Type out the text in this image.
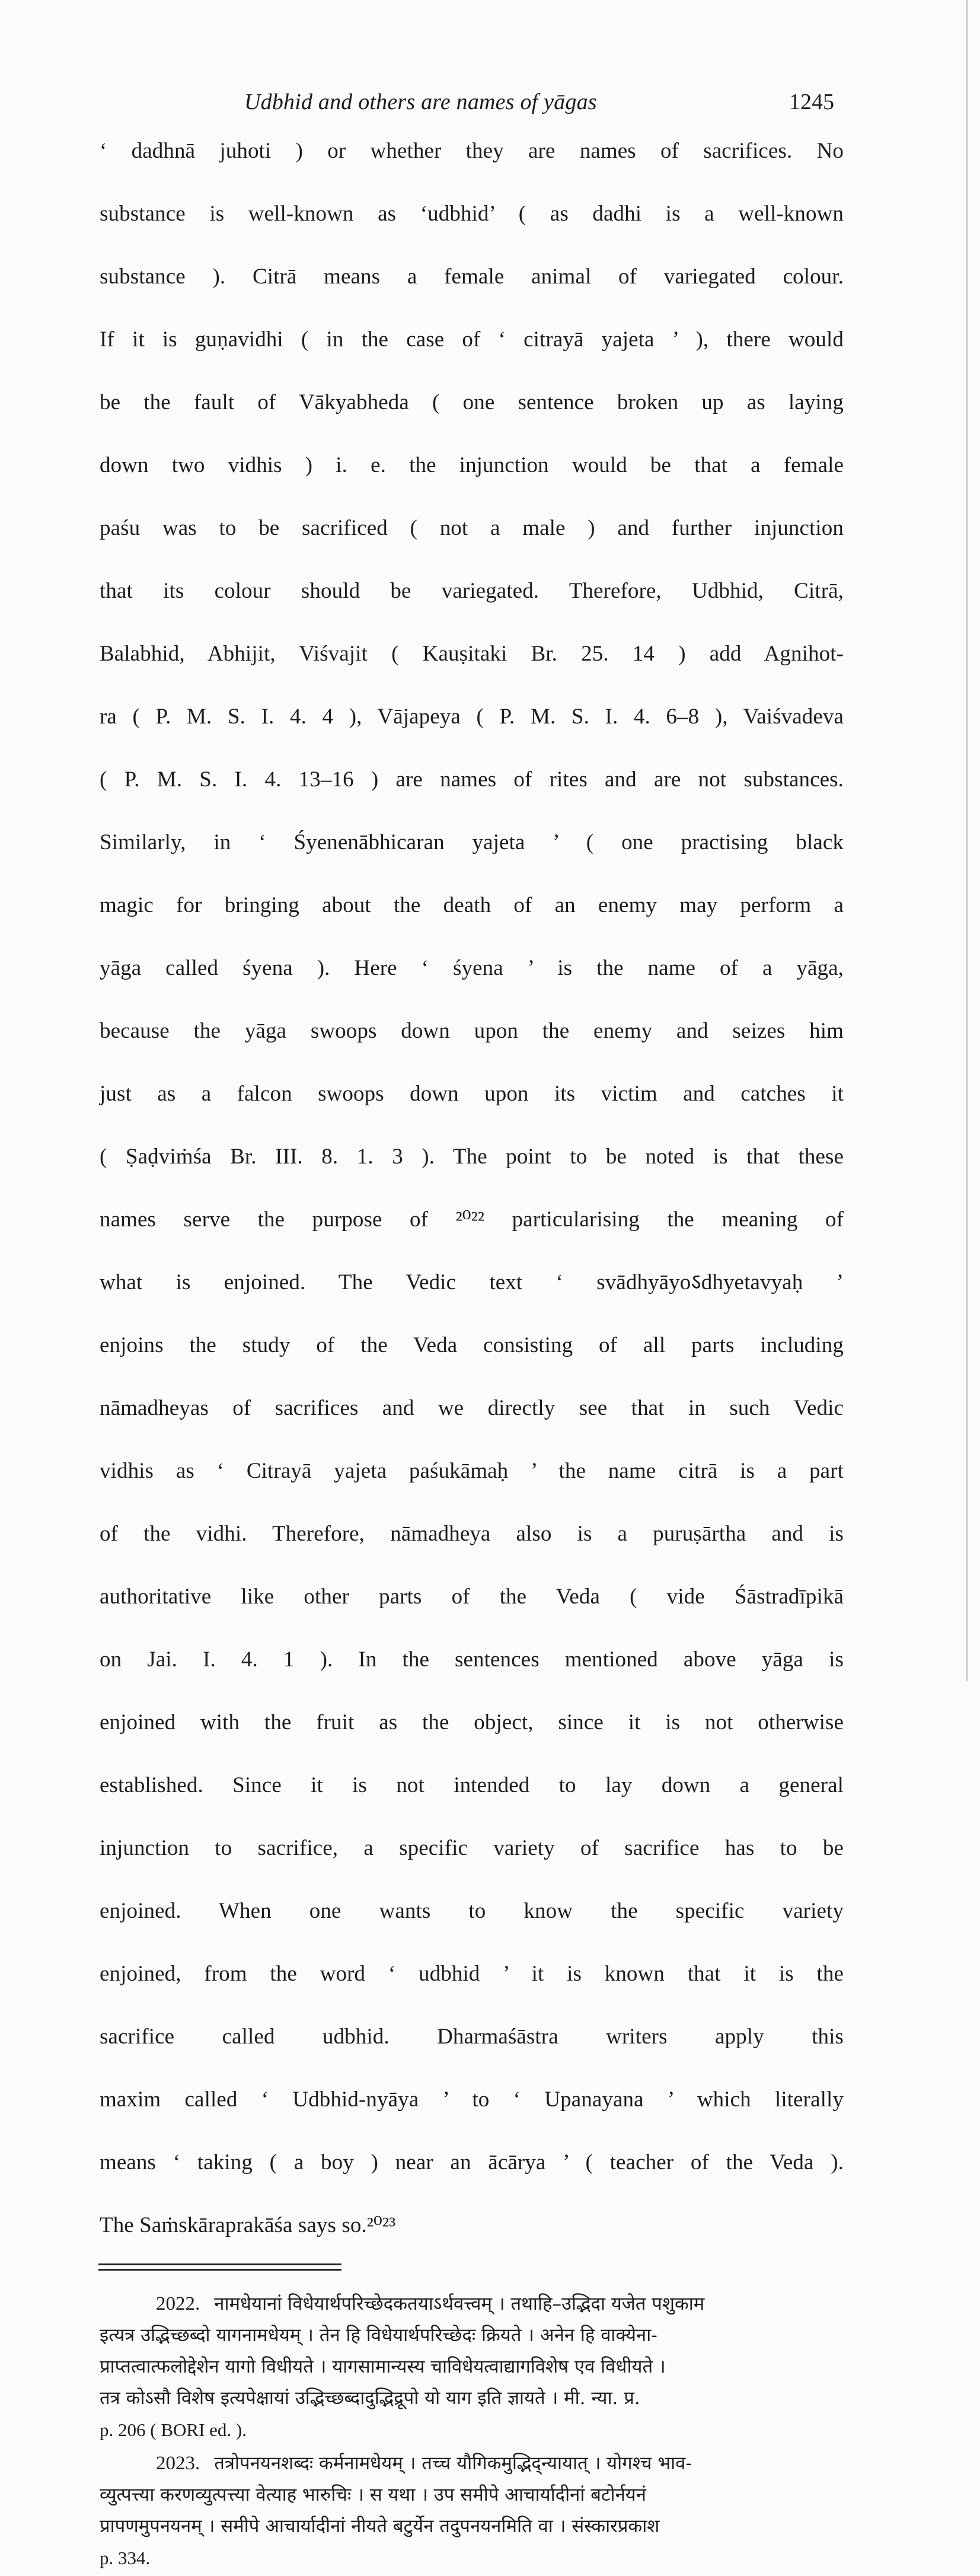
Udbhid and others are names of yāgas	1245

‘ dadhnā juhoti ) or whether they are names of sacrifices. No

substance is well-known as ‘udbhid’ ( as dadhi is a well-known

substance ). Citrā means a female animal of variegated colour.

If it is guṇavidhi ( in the case of ‘ citrayā yajeta ’ ), there would

be the fault of Vākyabheda ( one sentence broken up as laying

down two vidhis ) i. e. the injunction would be that a female

paśu was to be sacrificed ( not a male ) and further injunction

that its colour should be variegated. Therefore, Udbhid, Citrā,

Balabhid, Abhijit, Viśvajit ( Kauṣitaki Br. 25. 14 ) add Agnihot-

ra ( P. M. S. I. 4. 4 ), Vājapeya ( P. M. S. I. 4. 6–8 ), Vaiśvadeva

( P. M. S. I. 4. 13–16 ) are names of rites and are not substances.

Similarly, in ‘ Śyenenābhicaran yajeta ’ ( one practising black

magic for bringing about the death of an enemy may perform a

yāga called śyena ). Here ‘ śyena ’ is the name of a yāga,

because the yāga swoops down upon the enemy and seizes him

just as a falcon swoops down upon its victim and catches it

( Ṣaḍviṁśa Br. III. 8. 1. 3 ). The point to be noted is that these

names serve the purpose of ²⁰²² particularising the meaning of

what is enjoined. The Vedic text ‘ svādhyāyoऽdhyetavyaḥ ’

enjoins the study of the Veda consisting of all parts including

nāmadheyas of sacrifices and we directly see that in such Vedic

vidhis as ‘ Citrayā yajeta paśukāmaḥ ’ the name citrā is a part

of the vidhi. Therefore, nāmadheya also is a puruṣārtha and is

authoritative like other parts of the Veda ( vide Śāstradīpikā

on Jai. I. 4. 1 ). In the sentences mentioned above yāga is

enjoined with the fruit as the object, since it is not otherwise

established. Since it is not intended to lay down a general

injunction to sacrifice, a specific variety of sacrifice has to be

enjoined. When one wants to know the specific variety

enjoined, from the word ‘ udbhid ’ it is known that it is the

sacrifice called udbhid. Dharmaśāstra writers apply this

maxim called ‘ Udbhid-nyāya ’ to ‘ Upanayana ’ which literally

means ‘ taking ( a boy ) near an ācārya ’ ( teacher of the Veda ).

The Saṁskāraprakāśa says so.²⁰²³

2022. नामधेयानां विधेयार्थपरिच्छेदकतयाऽर्थवत्त्वम् । तथाहि–उद्भिदा यजेत पशुकाम
इत्यत्र उद्भिच्छब्दो यागनामधेयम् । तेन हि विधेयार्थपरिच्छेदः क्रियते । अनेन हि वाक्येना-
प्राप्तत्वात्फलोद्देशेन यागो विधीयते । यागसामान्यस्य चाविधेयत्वाद्यागविशेष एव विधीयते ।
तत्र कोऽसौ विशेष इत्यपेक्षायां उद्भिच्छब्दादुद्भिद्रूपो यो याग इति ज्ञायते । मी. न्या. प्र.
p. 206 ( BORI ed. ).
2023. तत्रोपनयनशब्दः कर्मनामधेयम् । तच्च यौगिकमुद्भिद्न्यायात् । योगश्च भाव-
व्युत्पत्त्या करणव्युत्पत्त्या वेत्याह भारुचिः । स यथा । उप समीपे आचार्यादीनां बटोर्नयनं
प्रापणमुपनयनम् । समीपे आचार्यादीनां नीयते बटुर्येन तदुपनयनमिति वा । संस्कारप्रकाश
p. 334.
